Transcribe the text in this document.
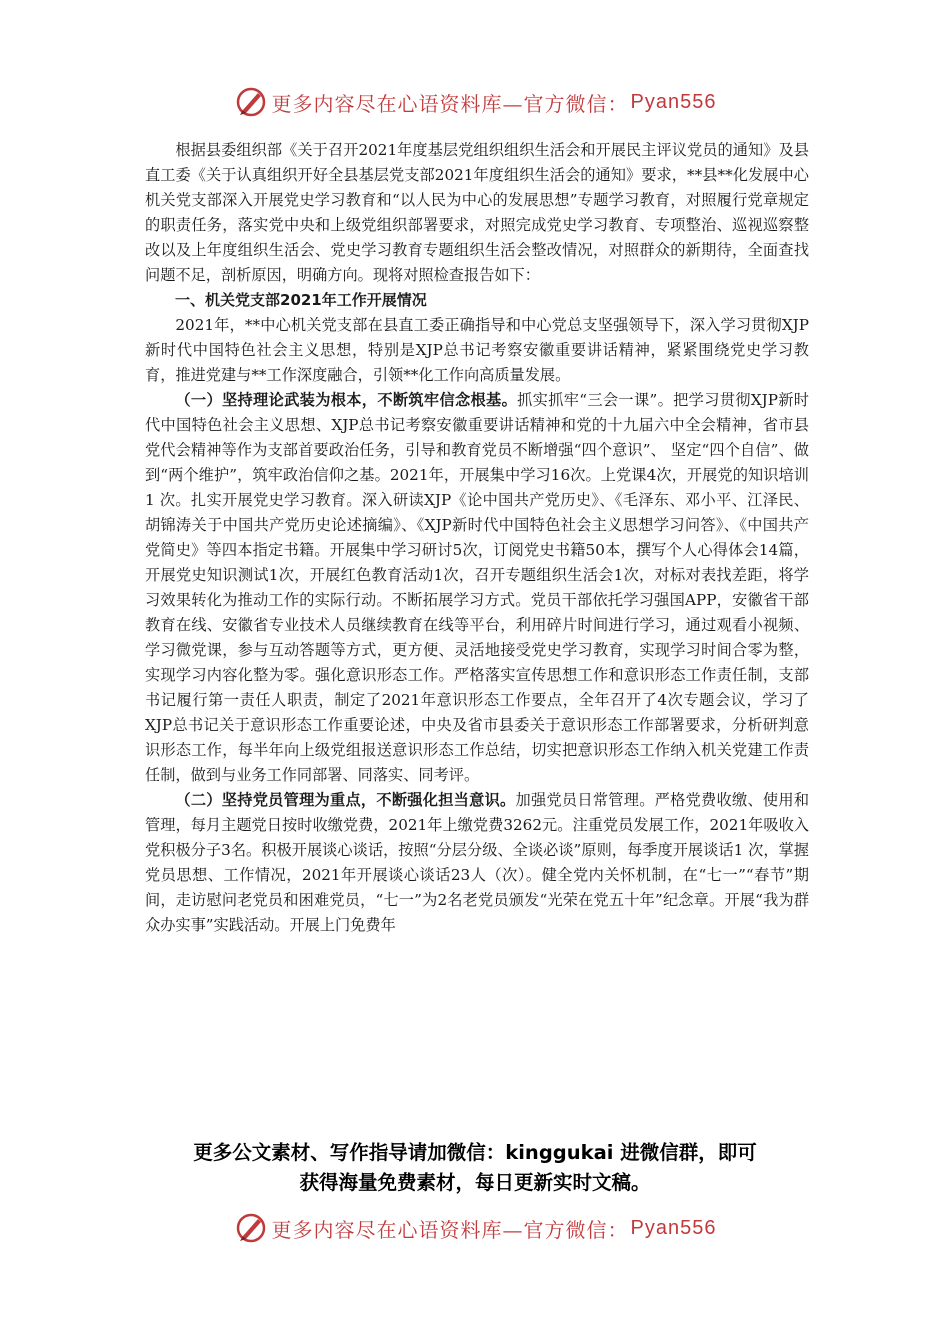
更多内容尽在心语资料库—官方微信： Pyan556

根据县委组织部《关于召开2021年度基层党组织组织生活会和开展民主评议党员的通知》及县直工委《关于认真组织开好全县基层党支部2021年度组织生活会的通知》要求，**县**化发展中心机关党支部深入开展党史学习教育和“以人民为中心的发展思想”专题学习教育，对照履行党章规定的职责任务，落实党中央和上级党组织部署要求，对照完成党史学习教育、专项整治、巡视巡察整改以及上年度组织生活会、党史学习教育专题组织生活会整改情况，对照群众的新期待，全面查找问题不足，剖析原因，明确方向。现将对照检查报告如下：

一、机关党支部2021年工作开展情况

2021年，**中心机关党支部在县直工委正确指导和中心党总支坚强领导下，深入学习贯彻XJP新时代中国特色社会主义思想，特别是XJP总书记考察安徽重要讲话精神，紧紧围绕党史学习教育，推进党建与**工作深度融合，引领**化工作向高质量发展。

（一）坚持理论武装为根本，不断筑牢信念根基。抓实抓牢“三会一课”。把学习贯彻XJP新时代中国特色社会主义思想、XJP总书记考察安徽重要讲话精神和党的十九届六中全会精神，省市县党代会精神等作为支部首要政治任务，引导和教育党员不断增强“四个意识”、 坚定“四个自信”、做到“两个维护”，筑牢政治信仰之基。2021年，开展集中学习16次。上党课4次，开展党的知识培训1 次。扎实开展党史学习教育。深入研读XJP《论中国共产党历史》、《毛泽东、邓小平、江泽民、胡锦涛关于中国共产党历史论述摘编》、《XJP新时代中国特色社会主义思想学习问答》、《中国共产党简史》等四本指定书籍。开展集中学习研讨5次，订阅党史书籍50本，撰写个人心得体会14篇，开展党史知识测试1次，开展红色教育活动1次，召开专题组织生活会1次，对标对表找差距，将学习效果转化为推动工作的实际行动。不断拓展学习方式。党员干部依托学习强国APP，安徽省干部教育在线、安徽省专业技术人员继续教育在线等平台，利用碎片时间进行学习，通过观看小视频、学习微党课，参与互动答题等方式，更方便、灵活地接受党史学习教育，实现学习时间合零为整，实现学习内容化整为零。强化意识形态工作。严格落实宣传思想工作和意识形态工作责任制，支部书记履行第一责任人职责，制定了2021年意识形态工作要点，全年召开了4次专题会议，学习了XJP总书记关于意识形态工作重要论述，中央及省市县委关于意识形态工作部署要求，分析研判意识形态工作，每半年向上级党组报送意识形态工作总结，切实把意识形态工作纳入机关党建工作责任制，做到与业务工作同部署、同落实、同考评。

（二）坚持党员管理为重点，不断强化担当意识。加强党员日常管理。严格党费收缴、使用和管理，每月主题党日按时收缴党费，2021年上缴党费3262元。注重党员发展工作，2021年吸收入党积极分子3名。积极开展谈心谈话，按照“分层分级、全谈必谈”原则，每季度开展谈话1 次，掌握党员思想、工作情况，2021年开展谈心谈话23人（次）。健全党内关怀机制，在“七一”“春节”期间，走访慰问老党员和困难党员，“七一”为2名老党员颁发“光荣在党五十年”纪念章。开展“我为群众办实事”实践活动。开展上门免费年

更多公文素材、写作指导请加微信：kinggukai 进微信群，即可
获得海量免费素材，每日更新实时文稿。
更多内容尽在心语资料库—官方微信： Pyan556
